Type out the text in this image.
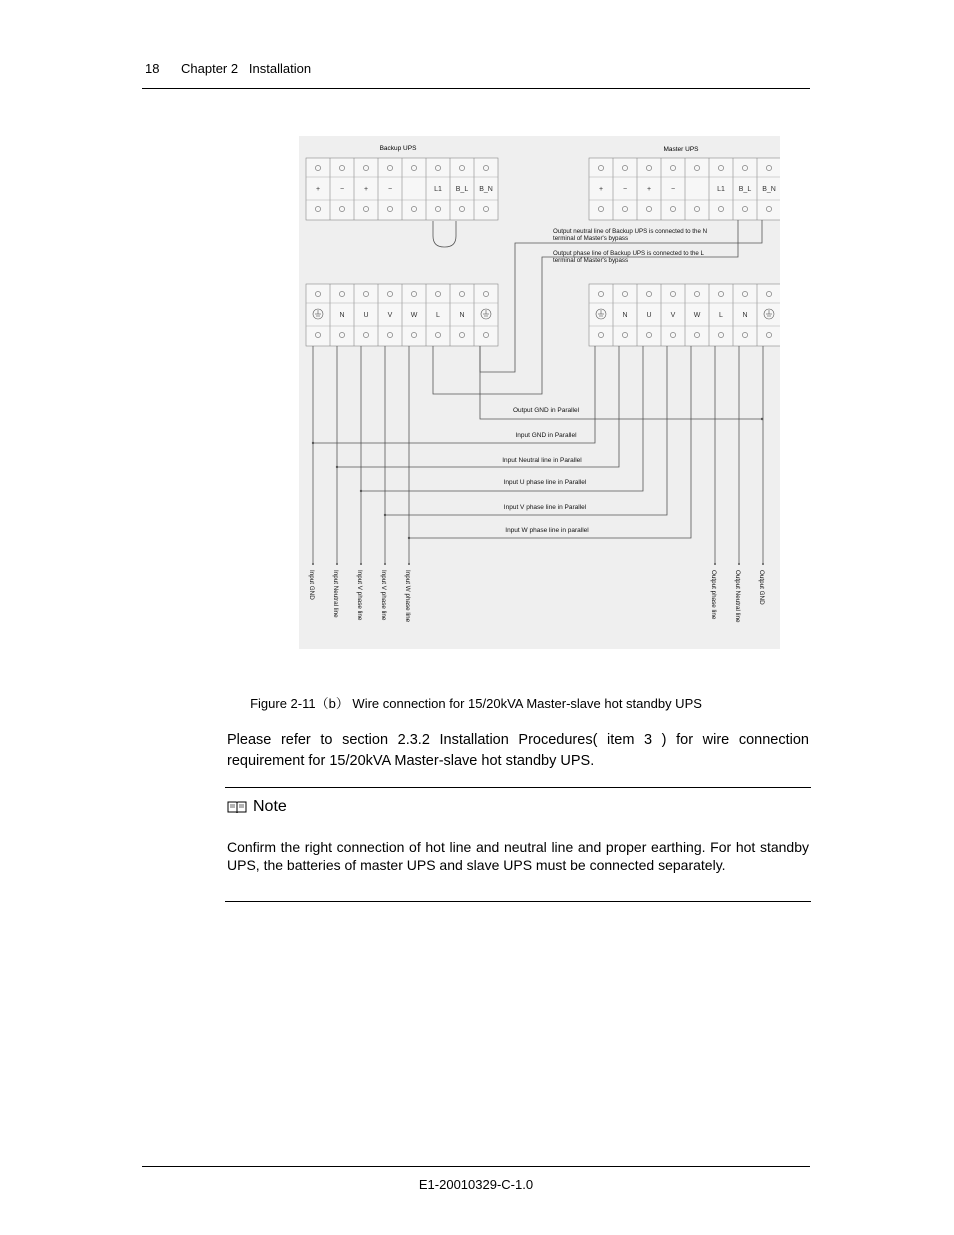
18 Chapter 2   Installation
Backup UPS	Master UPS
+	−	+	−	L1 B_L B_N	+	−	+	−	L1 B_L B_N
N	U	V	W	L	N	N	U	V	W	L	N
Output neutral line of Backup UPS is connected to the N
terminal of Master's bypass
Output phase line of Backup UPS is connected to the L
terminal of Master's bypass
Output GND in Parallel
Input GND in Parallel
Input Neutral line in Parallel
Input U phase line in Parallel
Input V phase line in Parallel
Input W phase line in parallel
Input GND	Input Neutral line	Input V phase line	Input V phase line	Input W phase line	Output phase line	Output Neutral line	Output GND
Figure 2-11（b） Wire connection for 15/20kVA Master-slave hot standby UPS
Please refer to section 2.3.2 Installation Procedures( item 3 ) for wire connection requirement for 15/20kVA Master-slave hot standby UPS.
Note
Confirm the right connection of hot line and neutral line and proper earthing. For hot standby UPS, the batteries of master UPS and slave UPS must be connected separately.
E1-20010329-C-1.0
